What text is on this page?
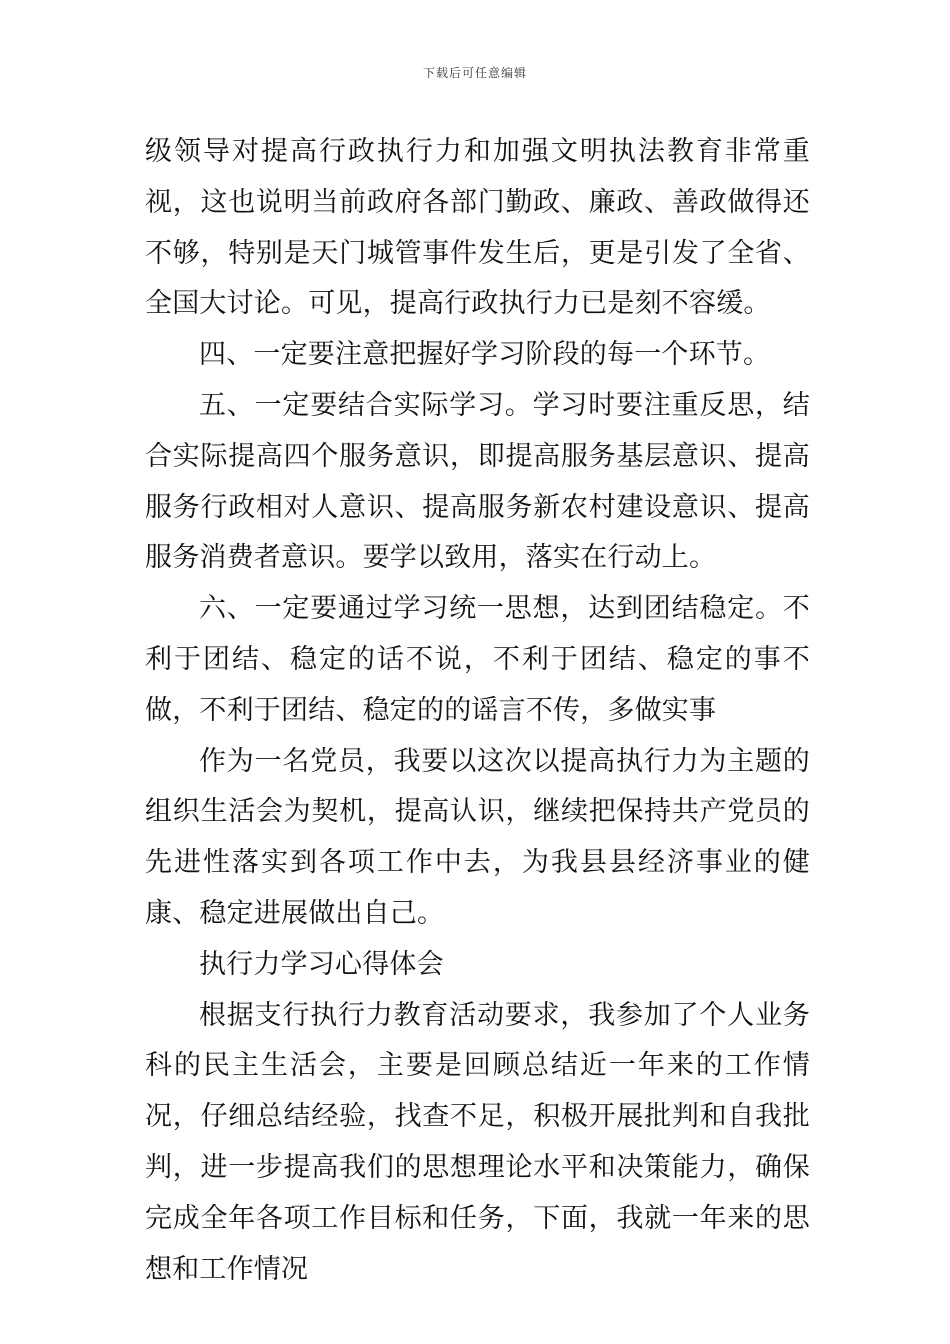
下载后可任意编辑

级领导对提高行政执行力和加强文明执法教育非常重视，这也说明当前政府各部门勤政、廉政、善政做得还不够，特别是天门城管事件发生后，更是引发了全省、全国大讨论。可见，提高行政执行力已是刻不容缓。

四、一定要注意把握好学习阶段的每一个环节。

五、一定要结合实际学习。学习时要注重反思，结合实际提高四个服务意识，即提高服务基层意识、提高服务行政相对人意识、提高服务新农村建设意识、提高服务消费者意识。要学以致用，落实在行动上。

六、一定要通过学习统一思想，达到团结稳定。不利于团结、稳定的话不说，不利于团结、稳定的事不做，不利于团结、稳定的的谣言不传，多做实事

作为一名党员，我要以这次以提高执行力为主题的组织生活会为契机，提高认识，继续把保持共产党员的先进性落实到各项工作中去，为我县县经济事业的健康、稳定进展做出自己。

执行力学习心得体会

根据支行执行力教育活动要求，我参加了个人业务科的民主生活会，主要是回顾总结近一年来的工作情况，仔细总结经验，找查不足，积极开展批判和自我批判，进一步提高我们的思想理论水平和决策能力，确保完成全年各项工作目标和任务，下面，我就一年来的思想和工作情况
